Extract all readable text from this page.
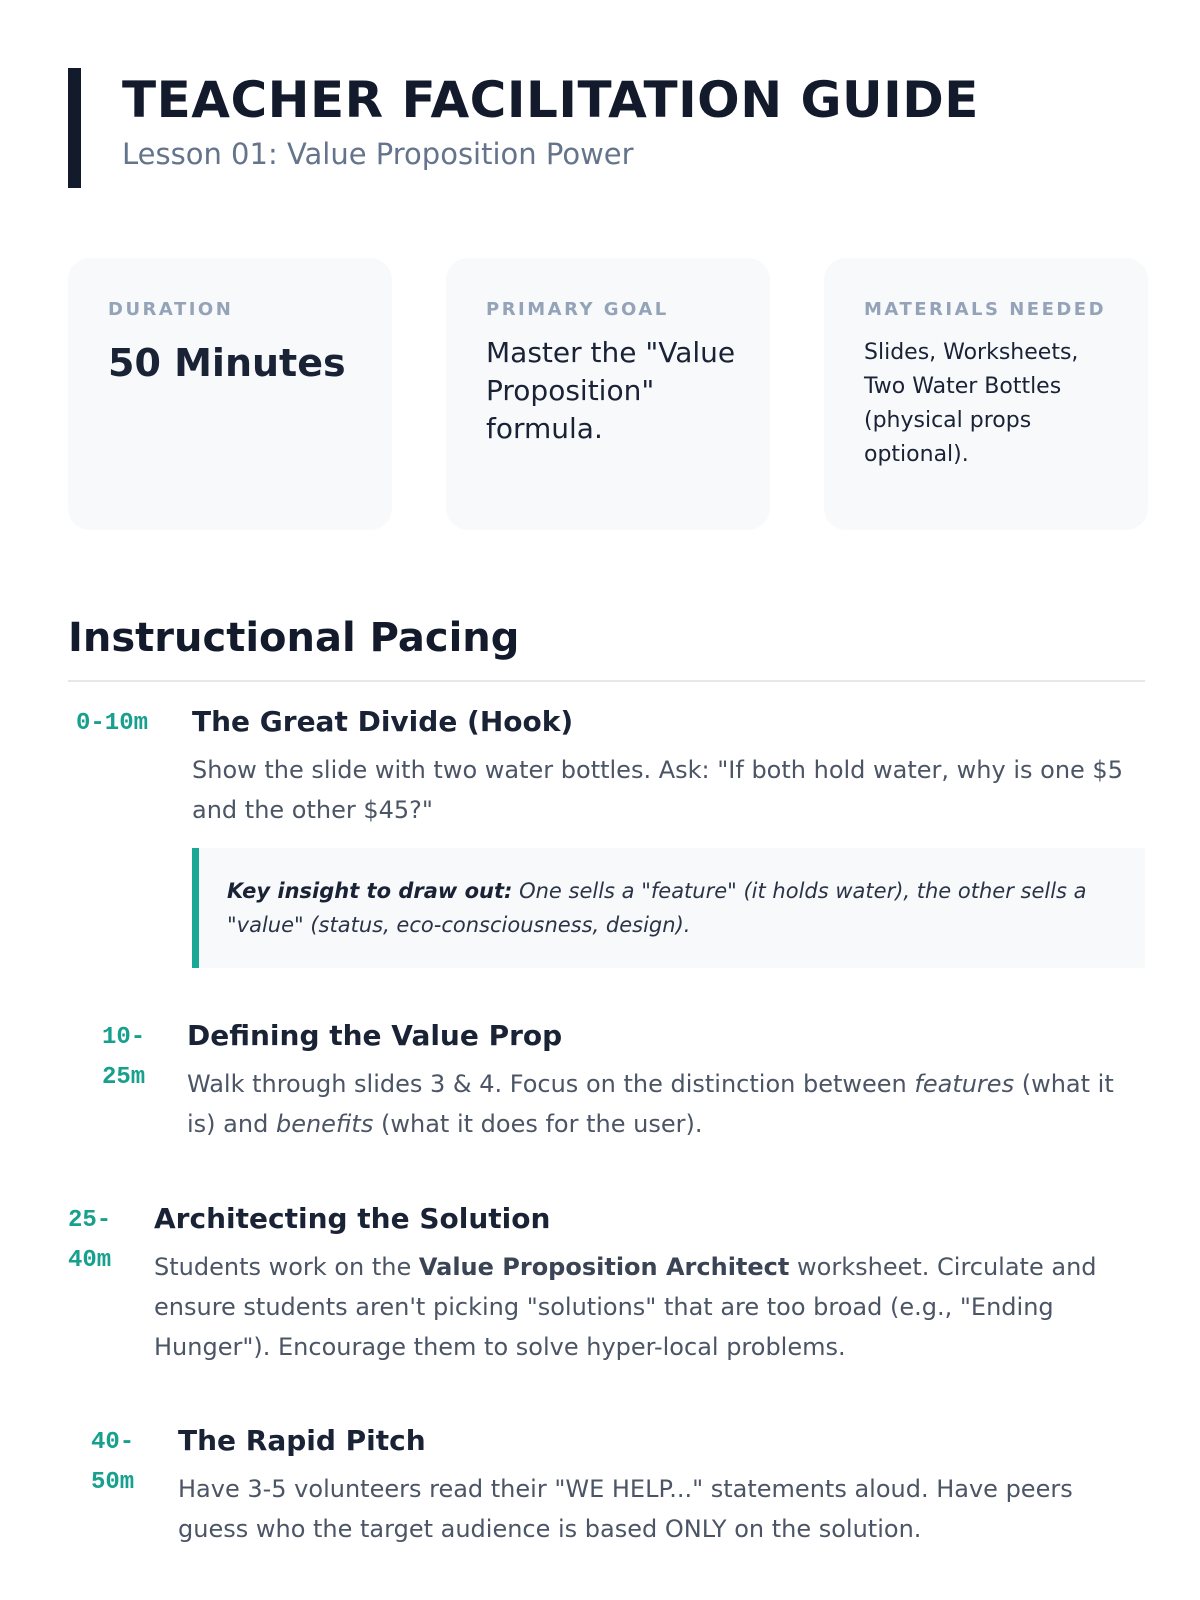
TEACHER FACILITATION GUIDE
Lesson 01: Value Proposition Power
DURATION
50 Minutes
PRIMARY GOAL
Master the "Value Proposition" formula.
MATERIALS NEEDED
Slides, Worksheets, Two Water Bottles (physical props optional).
Instructional Pacing
0-10m The Great Divide (Hook)
Show the slide with two water bottles. Ask: "If both hold water, why is one $5 and the other $45?"
Key insight to draw out: One sells a "feature" (it holds water), the other sells a "value" (status, eco-consciousness, design).
10-
25m
Defining the Value Prop
Walk through slides 3 & 4. Focus on the distinction between features (what it is) and benefits (what it does for the user).
25-
40m
Architecting the Solution
Students work on the Value Proposition Architect worksheet. Circulate and ensure students aren't picking "solutions" that are too broad (e.g., "Ending Hunger"). Encourage them to solve hyper-local problems.
40-
50m
The Rapid Pitch
Have 3-5 volunteers read their "WE HELP..." statements aloud. Have peers guess who the target audience is based ONLY on the solution.
